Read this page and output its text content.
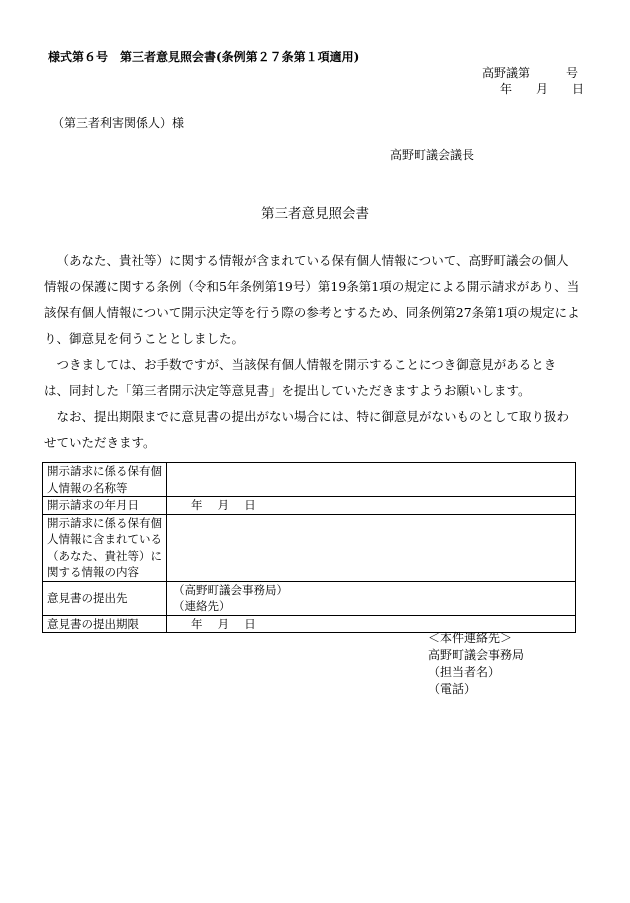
様式第６号　第三者意見照会書(条例第２７条第１項適用)
高野議第　　　号
年　　月　　日
（第三者利害関係人）様
高野町議会議長
第三者意見照会書

（あなた、貴社等）に関する情報が含まれている保有個人情報について、高野町議会の個人情報の保護に関する条例（令和5年条例第19号）第19条第1項の規定による開示請求があり、当該保有個人情報について開示決定等を行う際の参考とするため、同条例第27条第1項の規定により、御意見を伺うこととしました。

つきましては、お手数ですが、当該保有個人情報を開示することにつき御意見があるときは、同封した「第三者開示決定等意見書」を提出していただきますようお願いします。

なお、提出期限までに意見書の提出がない場合には、特に御意見がないものとして取り扱わせていただきます。

開示請求に係る保有個人情報の名称等	
開示請求の年月日	年　 月　 日
開示請求に係る保有個人情報に含まれている（あなた、貴社等）に関する情報の内容	
意見書の提出先	（高野町議会事務局）
（連絡先）

意見書の提出期限	年　 月　 日
＜本件連絡先＞
高野町議会事務局
（担当者名）
（電話）
